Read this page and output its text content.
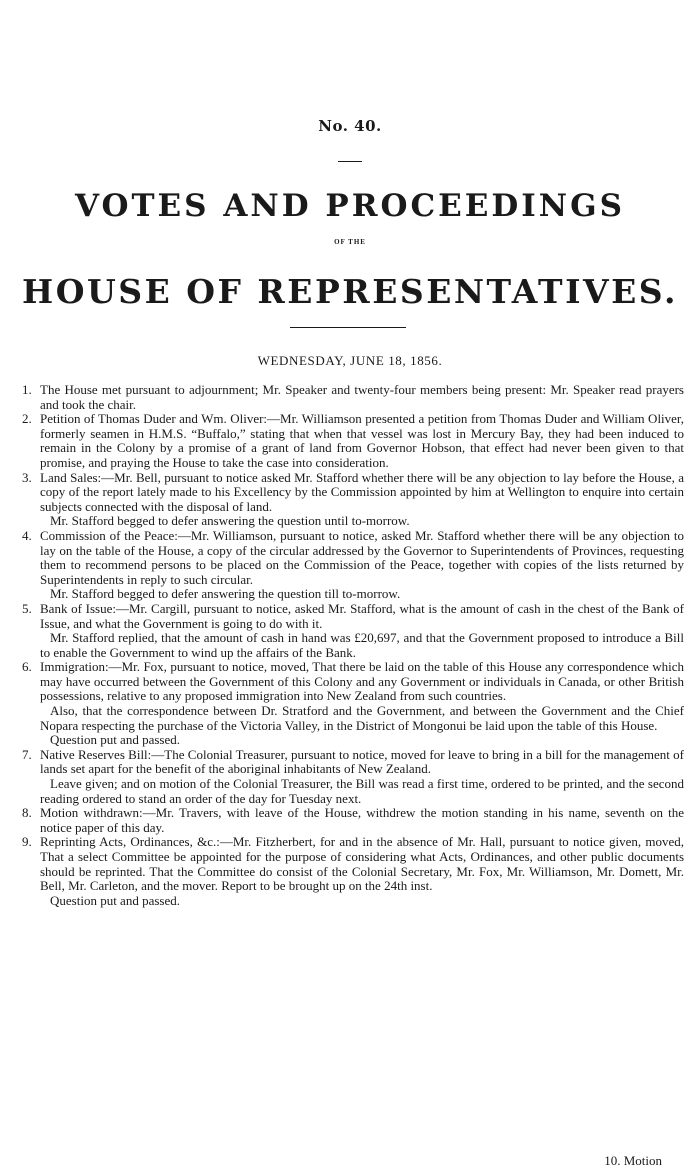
No. 40.
VOTES AND PROCEEDINGS
OF THE
HOUSE OF REPRESENTATIVES.
WEDNESDAY, JUNE 18, 1856.
1. The House met pursuant to adjournment; Mr. Speaker and twenty-four members being present: Mr. Speaker read prayers and took the chair.

2. Petition of Thomas Duder and Wm. Oliver:—Mr. Williamson presented a petition from Thomas Duder and William Oliver, formerly seamen in H.M.S. “Buffalo,” stating that when that vessel was lost in Mercury Bay, they had been induced to remain in the Colony by a promise of a grant of land from Governor Hobson, that effect had never been given to that promise, and praying the House to take the case into consideration.

3. Land Sales:—Mr. Bell, pursuant to notice asked Mr. Stafford whether there will be any objection to lay before the House, a copy of the report lately made to his Excellency by the Commission appointed by him at Wellington to enquire into certain subjects connected with the disposal of land.

Mr. Stafford begged to defer answering the question until to-morrow.

4. Commission of the Peace:—Mr. Williamson, pursuant to notice, asked Mr. Stafford whether there will be any objection to lay on the table of the House, a copy of the circular addressed by the Governor to Superintendents of Provinces, requesting them to recommend persons to be placed on the Commission of the Peace, together with copies of the lists returned by Superintendents in reply to such circular.

Mr. Stafford begged to defer answering the question till to-morrow.

5. Bank of Issue:—Mr. Cargill, pursuant to notice, asked Mr. Stafford, what is the amount of cash in the chest of the Bank of Issue, and what the Government is going to do with it.

Mr. Stafford replied, that the amount of cash in hand was £20,697, and that the Government proposed to introduce a Bill to enable the Government to wind up the affairs of the Bank.

6. Immigration:—Mr. Fox, pursuant to notice, moved, That there be laid on the table of this House any correspondence which may have occurred between the Government of this Colony and any Government or individuals in Canada, or other British possessions, relative to any proposed immigration into New Zealand from such countries.

Also, that the correspondence between Dr. Stratford and the Government, and between the Government and the Chief Nopara respecting the purchase of the Victoria Valley, in the District of Mongonui be laid upon the table of this House.

Question put and passed.

7. Native Reserves Bill:—The Colonial Treasurer, pursuant to notice, moved for leave to bring in a bill for the management of lands set apart for the benefit of the aboriginal inhabitants of New Zealand.

Leave given; and on motion of the Colonial Treasurer, the Bill was read a first time, ordered to be printed, and the second reading ordered to stand an order of the day for Tuesday next.

8. Motion withdrawn:—Mr. Travers, with leave of the House, withdrew the motion standing in his name, seventh on the notice paper of this day.

9. Reprinting Acts, Ordinances, &c.:—Mr. Fitzherbert, for and in the absence of Mr. Hall, pursuant to notice given, moved, That a select Committee be appointed for the purpose of considering what Acts, Ordinances, and other public documents should be reprinted. That the Committee do consist of the Colonial Secretary, Mr. Fox, Mr. Williamson, Mr. Domett, Mr. Bell, Mr. Carleton, and the mover. Report to be brought up on the 24th inst.

Question put and passed.

10. Motion
